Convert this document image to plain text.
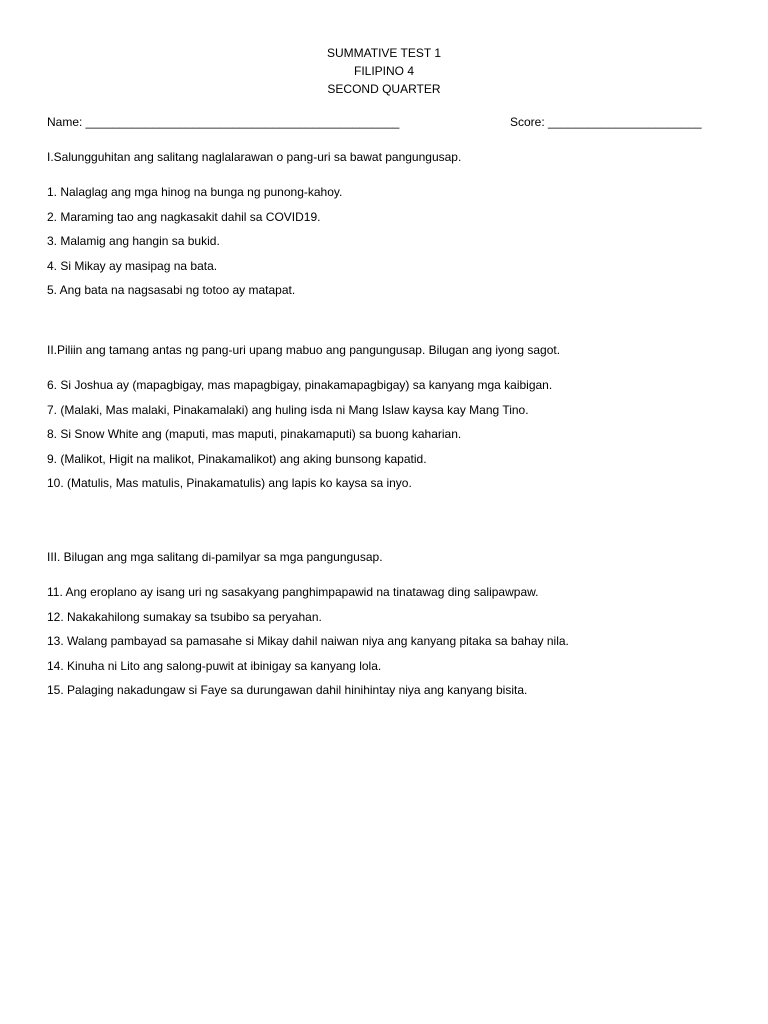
SUMMATIVE TEST 1
FILIPINO 4
SECOND QUARTER
Name: _______________________________________________	Score: _______________________
I.Salungguhitan ang salitang naglalarawan o pang-uri sa bawat pangungusap.
1. Nalaglag ang mga hinog na bunga ng punong-kahoy.
2. Maraming tao ang nagkasakit dahil sa COVID19.
3. Malamig ang hangin sa bukid.
4. Si Mikay ay masipag na bata.
5. Ang bata na nagsasabi ng totoo ay matapat.
II.Piliin ang tamang antas ng pang-uri upang mabuo ang pangungusap. Bilugan ang iyong sagot.
6. Si Joshua ay (mapagbigay, mas mapagbigay, pinakamapagbigay) sa kanyang mga kaibigan.
7. (Malaki, Mas malaki, Pinakamalaki) ang huling isda ni Mang Islaw kaysa kay Mang Tino.
8. Si Snow White ang (maputi, mas maputi, pinakamaputi) sa buong kaharian.
9. (Malikot, Higit na malikot, Pinakamalikot) ang aking bunsong kapatid.
10. (Matulis, Mas matulis, Pinakamatulis) ang lapis ko kaysa sa inyo.
III. Bilugan ang mga salitang di-pamilyar sa mga pangungusap.
11. Ang eroplano ay isang uri ng sasakyang panghimpapawid na tinatawag ding salipawpaw.
12. Nakakahilong sumakay sa tsubibo sa peryahan.
13. Walang pambayad sa pamasahe si Mikay dahil naiwan niya ang kanyang pitaka sa bahay nila.
14. Kinuha ni Lito ang salong-puwit at ibinigay sa kanyang lola.
15. Palaging nakadungaw si Faye sa durungawan dahil hinihintay niya ang kanyang bisita.
